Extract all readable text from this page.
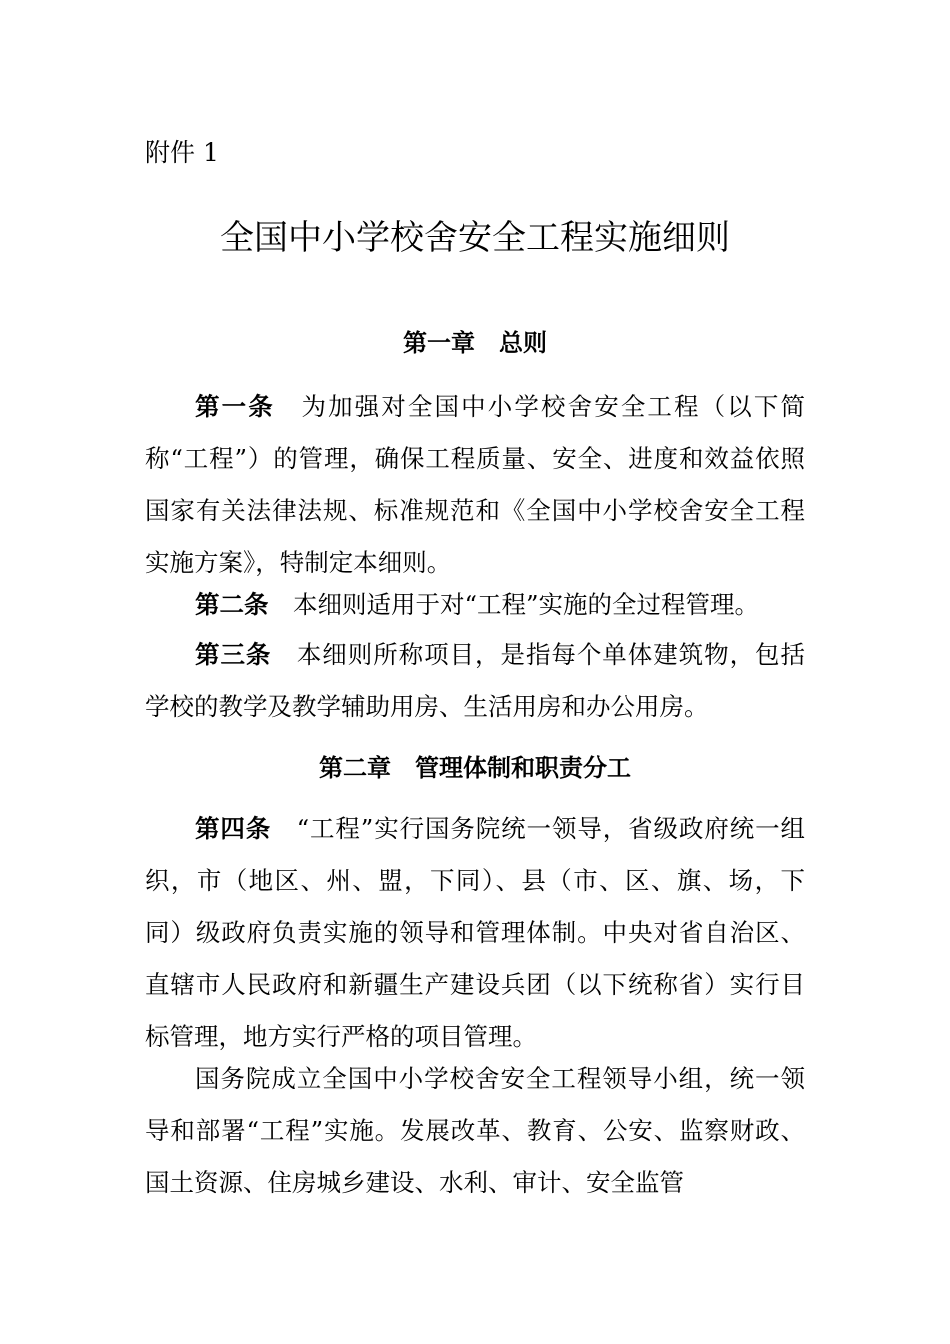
附件 1
全国中小学校舍安全工程实施细则
第一章　总则
第一条　为加强对全国中小学校舍安全工程（以下简称“工程”）的管理，确保工程质量、安全、进度和效益依照国家有关法律法规、标准规范和《全国中小学校舍安全工程实施方案》，特制定本细则。
第二条　本细则适用于对“工程”实施的全过程管理。
第三条　本细则所称项目，是指每个单体建筑物，包括学校的教学及教学辅助用房、生活用房和办公用房。
第二章　管理体制和职责分工
第四条　“工程”实行国务院统一领导，省级政府统一组织，市（地区、州、盟，下同）、县（市、区、旗、场，下同）级政府负责实施的领导和管理体制。中央对省自治区、直辖市人民政府和新疆生产建设兵团（以下统称省）实行目标管理，地方实行严格的项目管理。
国务院成立全国中小学校舍安全工程领导小组，统一领导和部署“工程”实施。发展改革、教育、公安、监察财政、国土资源、住房城乡建设、水利、审计、安全监管
